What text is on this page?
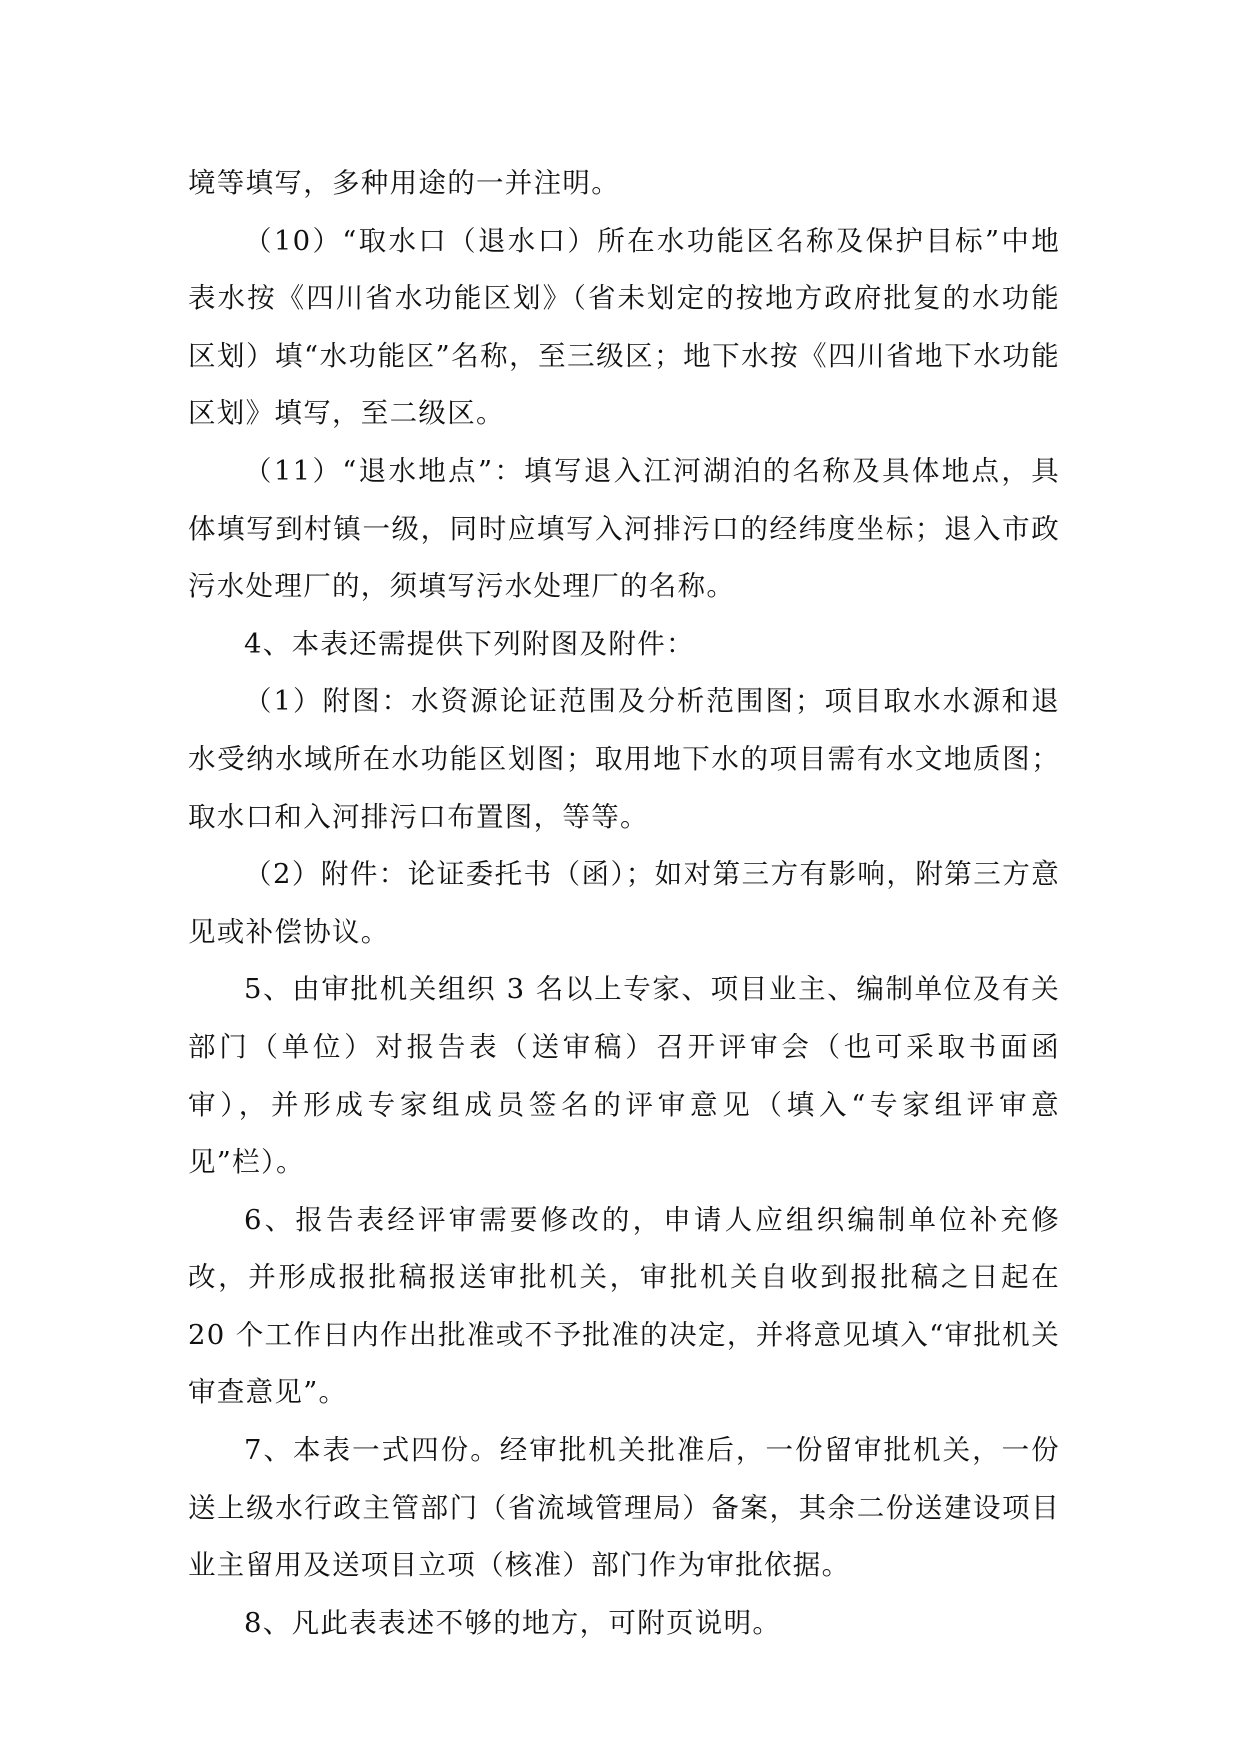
境等填写，多种用途的一并注明。

（10）“取水口（退水口）所在水功能区名称及保护目标”中地表水按《四川省水功能区划》（省未划定的按地方政府批复的水功能区划）填“水功能区”名称，至三级区；地下水按《四川省地下水功能区划》填写，至二级区。

（11）“退水地点”：填写退入江河湖泊的名称及具体地点，具体填写到村镇一级，同时应填写入河排污口的经纬度坐标；退入市政污水处理厂的，须填写污水处理厂的名称。

4、本表还需提供下列附图及附件：

（1）附图：水资源论证范围及分析范围图；项目取水水源和退水受纳水域所在水功能区划图；取用地下水的项目需有水文地质图；取水口和入河排污口布置图，等等。

（2）附件：论证委托书（函）；如对第三方有影响，附第三方意见或补偿协议。

5、由审批机关组织 3 名以上专家、项目业主、编制单位及有关部门（单位）对报告表（送审稿）召开评审会（也可采取书面函审），并形成专家组成员签名的评审意见（填入“专家组评审意见”栏）。

6、报告表经评审需要修改的，申请人应组织编制单位补充修改，并形成报批稿报送审批机关，审批机关自收到报批稿之日起在 20 个工作日内作出批准或不予批准的决定，并将意见填入“审批机关审查意见”。

7、本表一式四份。经审批机关批准后，一份留审批机关，一份送上级水行政主管部门（省流域管理局）备案，其余二份送建设项目业主留用及送项目立项（核准）部门作为审批依据。

8、凡此表表述不够的地方，可附页说明。
